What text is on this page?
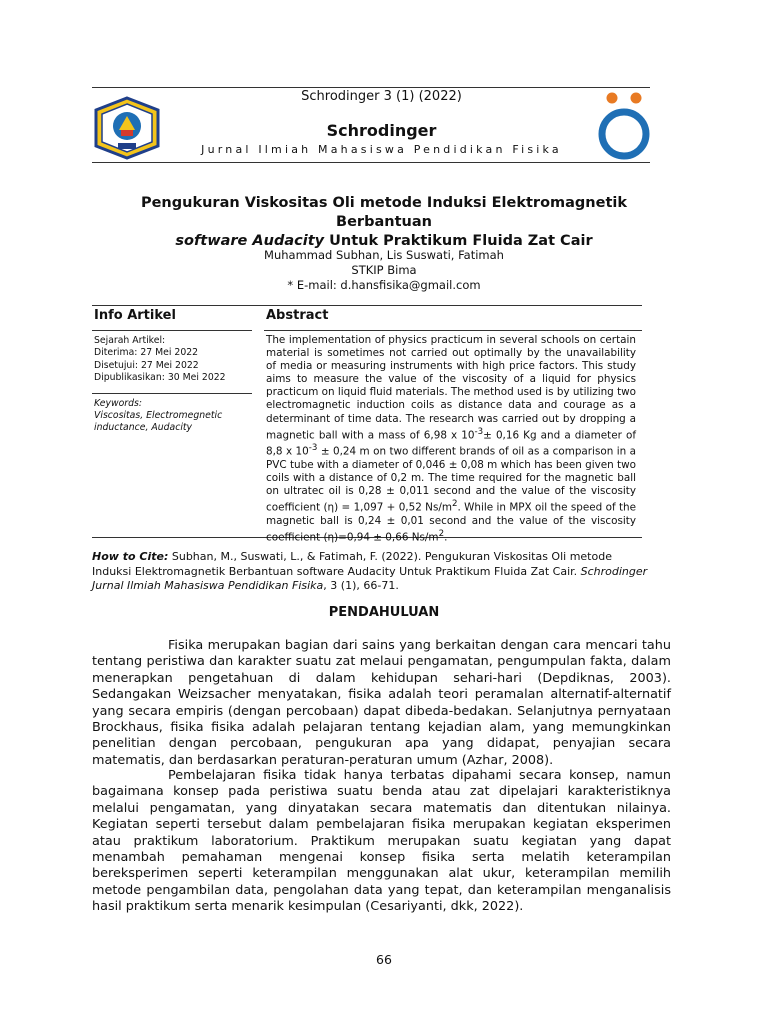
Schrodinger 3 (1) (2022)
Schrodinger
Jurnal Ilmiah Mahasiswa Pendidikan Fisika
Pengukuran Viskositas Oli metode Induksi Elektromagnetik Berbantuan
software Audacity Untuk Praktikum Fluida Zat Cair
Muhammad Subhan, Lis Suswati, Fatimah
STKIP Bima
* E-mail: d.hansfisika@gmail.com
Info Artikel	Abstract
Sejarah Artikel:
Diterima: 27 Mei 2022
Disetujui: 27 Mei 2022
Dipublikasikan: 30 Mei 2022
Keywords:
Viscositas, Electromegnetic inductance, Audacity
The implementation of physics practicum in several schools on certain material is sometimes not carried out optimally by the unavailability of media or measuring instruments with high price factors. This study aims to measure the value of the viscosity of a liquid for physics practicum on liquid fluid materials. The method used is by utilizing two electromagnetic induction coils as distance data and courage as a determinant of time data. The research was carried out by dropping a magnetic ball with a mass of 6,98 x $10^{-3}\pm 0,16$ Kg and a diameter of 8,8 x $10^{-3} \pm 0,24$ m on two different brands of oil as a comparison in a PVC tube with a diameter of 0,046 ± 0,08 m which has been given two coils with a distance of 0,2 m. The time required for the magnetic ball on ultratec oil is 0,28 ± 0,011 second and the value of the viscosity coefficient (η) = 1,097 + 0,52 $Ns/m^2$. While in MPX oil the speed of the magnetic ball is 0,24 ± 0,01 second and the value of the viscosity coefficient (η)=0,94 ± 0,66 $Ns/m^2$.
How to Cite: Subhan, M., Suswati, L., & Fatimah, F. (2022). Pengukuran Viskositas Oli metode Induksi Elektromagnetik Berbantuan software Audacity Untuk Praktikum Fluida Zat Cair. Schrodinger Jurnal Ilmiah Mahasiswa Pendidikan Fisika, 3 (1), 66-71.
PENDAHULUAN
Fisika merupakan bagian dari sains yang berkaitan dengan cara mencari tahu tentang peristiwa dan karakter suatu zat melaui pengamatan, pengumpulan fakta, dalam menerapkan pengetahuan di dalam kehidupan sehari-hari (Depdiknas, 2003). Sedangakan Weizsacher menyatakan, fisika adalah teori peramalan alternatif-alternatif yang secara empiris (dengan percobaan) dapat dibeda-bedakan. Selanjutnya pernyataan Brockhaus, fisika fisika adalah pelajaran tentang kejadian alam, yang memungkinkan penelitian dengan percobaan, pengukuran apa yang didapat, penyajian secara matematis, dan berdasarkan peraturan-peraturan umum (Azhar, 2008).
Pembelajaran fisika tidak hanya terbatas dipahami secara konsep, namun bagaimana konsep pada peristiwa suatu benda atau zat dipelajari karakteristiknya melalui pengamatan, yang dinyatakan secara matematis dan ditentukan nilainya. Kegiatan seperti tersebut dalam pembelajaran fisika merupakan kegiatan eksperimen atau praktikum laboratorium. Praktikum merupakan suatu kegiatan yang dapat menambah pemahaman mengenai konsep fisika serta melatih keterampilan bereksperimen seperti keterampilan menggunakan alat ukur, keterampilan memilih metode pengambilan data, pengolahan data yang tepat, dan keterampilan menganalisis hasil praktikum serta menarik kesimpulan (Cesariyanti, dkk, 2022).
66
